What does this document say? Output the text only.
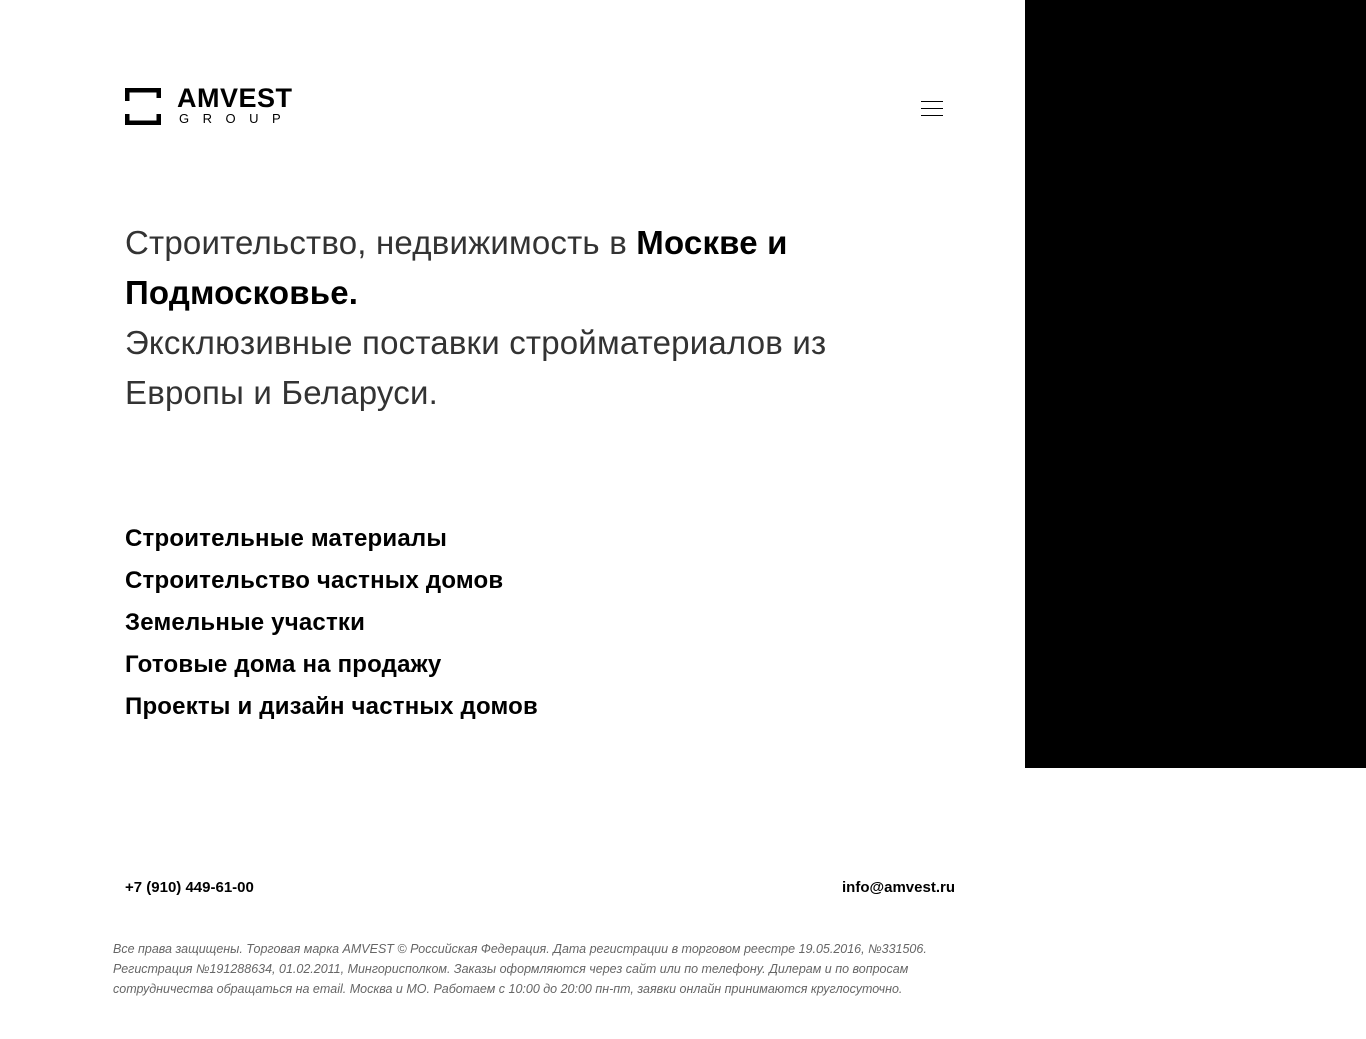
AMVEST
GROUP
Строительство, недвижимость в Москве и Подмосковье.
Эксклюзивные поставки стройматериалов из Европы и Беларуси.
Строительные материалы
Строительство частных домов
Земельные участки
Готовые дома на продажу
Проекты и дизайн частных домов
+7 (910) 449-61-00	info@amvest.ru
Все права защищены. Торговая марка AMVEST © Российская Федерация. Дата регистрации в торговом реестре 19.05.2016, №331506. Регистрация №191288634, 01.02.2011, Мингорисполком. Заказы оформляются через сайт или по телефону. Дилерам и по вопросам сотрудничества обращаться на email. Москва и МО. Работаем с 10:00 до 20:00 пн-пт, заявки онлайн принимаются круглосуточно.
